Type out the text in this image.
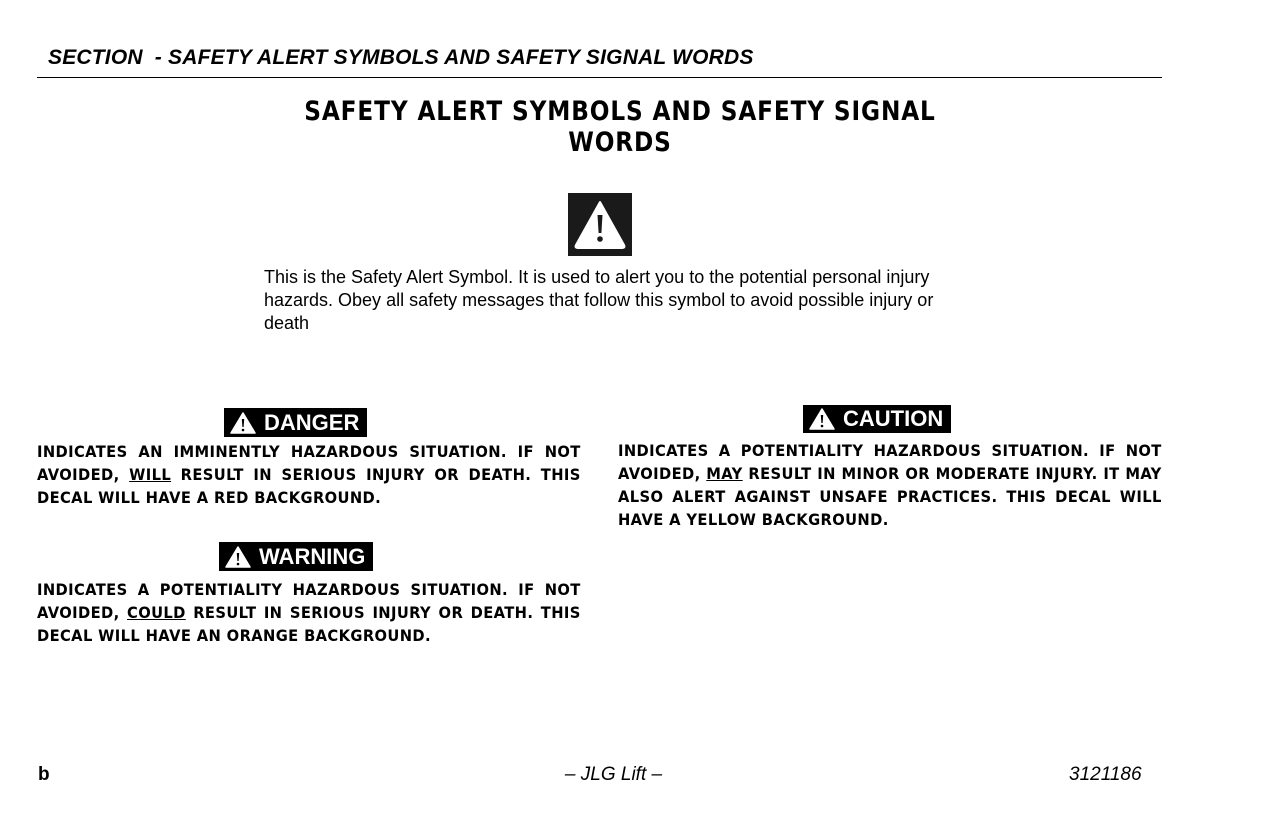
SECTION  - SAFETY ALERT SYMBOLS AND SAFETY SIGNAL WORDS
SAFETY ALERT SYMBOLS AND SAFETY SIGNAL WORDS
This is the Safety Alert Symbol. It is used to alert you to the potential personal injury hazards. Obey all safety messages that follow this symbol to avoid possible injury or death
DANGER
INDICATES AN IMMINENTLY HAZARDOUS SITUATION. IF NOT AVOIDED, WILL RESULT IN SERIOUS INJURY OR DEATH. THIS DECAL WILL HAVE A RED BACKGROUND.
WARNING
INDICATES A POTENTIALITY HAZARDOUS SITUATION. IF NOT AVOIDED, COULD RESULT IN SERIOUS INJURY OR DEATH. THIS DECAL WILL HAVE AN ORANGE BACKGROUND.
CAUTION
INDICATES A POTENTIALITY HAZARDOUS SITUATION. IF NOT AVOIDED, MAY RESULT IN MINOR OR MODERATE INJURY. IT MAY ALSO ALERT AGAINST UNSAFE PRACTICES. THIS DECAL WILL HAVE A YELLOW BACKGROUND.
b	– JLG Lift –	3121186
